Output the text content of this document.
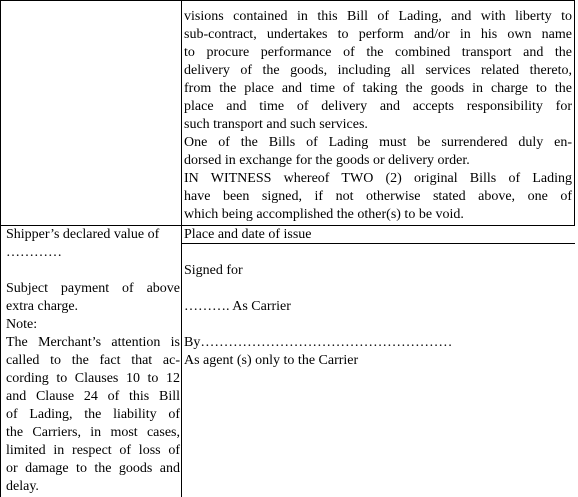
visions contained in this Bill of Lading, and with liberty to
sub-contract, undertakes to perform and/or in his own name
to procure performance of the combined transport and the
delivery of the goods, including all services related thereto,
from the place and time of taking the goods in charge to the
place and time of delivery and accepts responsibility for
such transport and such services.
One of the Bills of Lading must be surrendered duly en-
dorsed in exchange for the goods or delivery order.
IN WITNESS whereof TWO (2) original Bills of Lading
have been signed, if not otherwise stated above, one of
which being accomplished the other(s) to be void.
Shipper’s declared value of
…………
Subject payment of above
extra charge.
Note:
The Merchant’s attention is
called to the fact that ac-
cording to Clauses 10 to 12
and Clause 24 of this Bill
of Lading, the liability of
the Carriers, in most cases,
limited in respect of loss of
or damage to the goods and
delay.
Place and date of issue
Signed for
………. As Carrier
By………………………………………………
As agent (s) only to the Carrier
